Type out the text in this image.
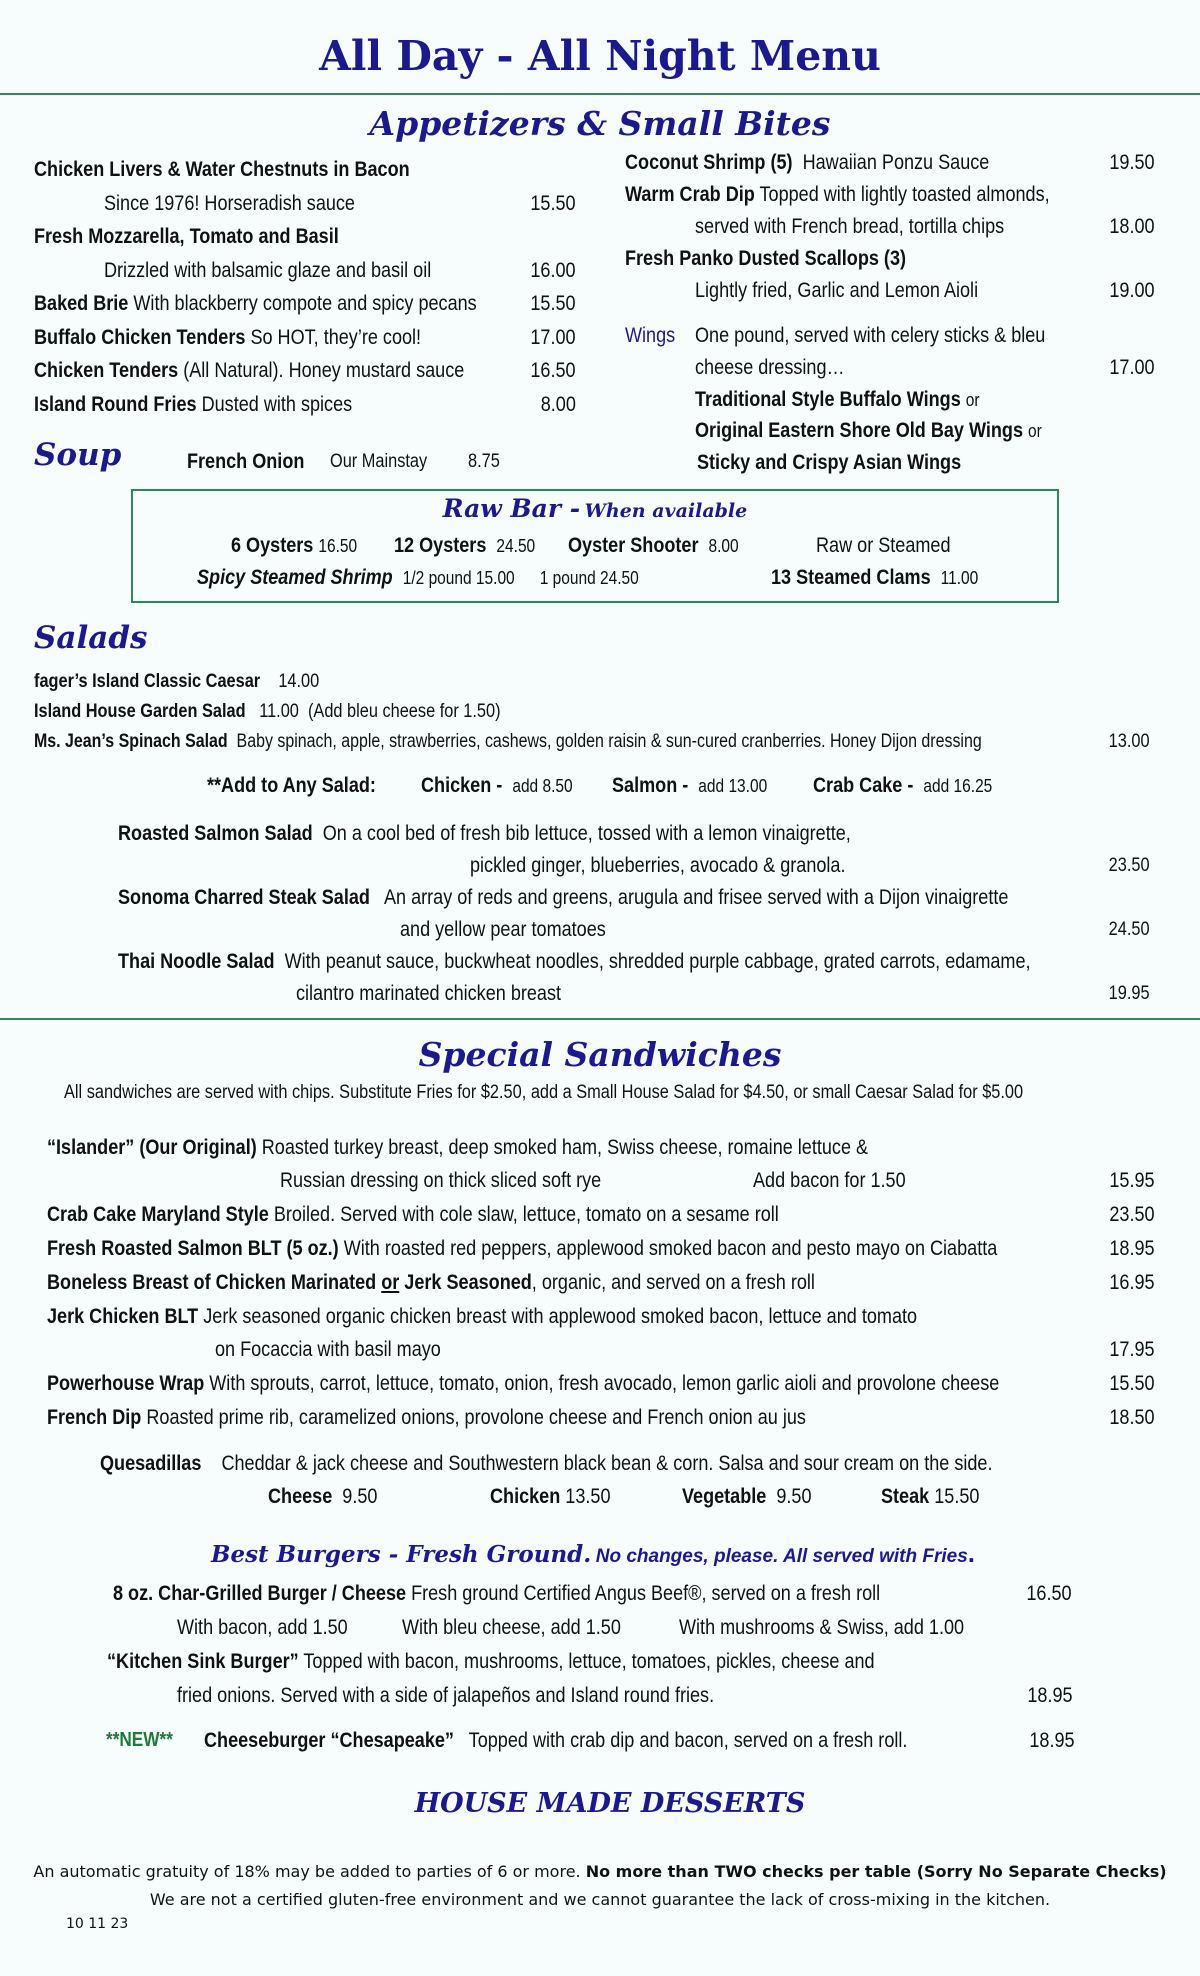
All Day - All Night Menu
Appetizers & Small Bites
Chicken Livers & Water Chestnuts in Bacon
Since 1976! Horseradish sauce	15.50
Fresh Mozzarella, Tomato and Basil
Drizzled with balsamic glaze and basil oil	16.00
Baked Brie With blackberry compote and spicy pecans	15.50
Buffalo Chicken Tenders So HOT, they’re cool!	17.00
Chicken Tenders (All Natural). Honey mustard sauce	16.50
Island Round Fries Dusted with spices	8.00
Coconut Shrimp (5) Hawaiian Ponzu Sauce	19.50
Warm Crab Dip Topped with lightly toasted almonds,
served with French bread, tortilla chips	18.00
Fresh Panko Dusted Scallops (3)
Lightly fried, Garlic and Lemon Aioli	19.00
Wings One pound, served with celery sticks & bleu
cheese dressing…	17.00
Traditional Style Buffalo Wings or
Original Eastern Shore Old Bay Wings or
Sticky and Crispy Asian Wings
Soup	French Onion Our Mainstay 8.75
Raw Bar - When available
6 Oysters 16.50 12 Oysters 24.50 Oyster Shooter 8.00	Raw or Steamed
Spicy Steamed Shrimp 1/2 pound 15.00 1 pound 24.50	13 Steamed Clams 11.00
Salads
fager’s Island Classic Caesar 14.00
Island House Garden Salad 11.00 (Add bleu cheese for 1.50)
Ms. Jean’s Spinach Salad Baby spinach, apple, strawberries, cashews, golden raisin & sun-cured cranberries. Honey Dijon dressing	13.00
**Add to Any Salad: Chicken - add 8.50 Salmon - add 13.00 Crab Cake - add 16.25
Roasted Salmon Salad On a cool bed of fresh bib lettuce, tossed with a lemon vinaigrette,
pickled ginger, blueberries, avocado & granola.	23.50
Sonoma Charred Steak Salad An array of reds and greens, arugula and frisee served with a Dijon vinaigrette
and yellow pear tomatoes	24.50
Thai Noodle Salad With peanut sauce, buckwheat noodles, shredded purple cabbage, grated carrots, edamame,
cilantro marinated chicken breast	19.95
Special Sandwiches
All sandwiches are served with chips. Substitute Fries for $2.50, add a Small House Salad for $4.50, or small Caesar Salad for $5.00
“Islander” (Our Original) Roasted turkey breast, deep smoked ham, Swiss cheese, romaine lettuce &
Russian dressing on thick sliced soft rye	Add bacon for 1.50	15.95
Crab Cake Maryland Style Broiled. Served with cole slaw, lettuce, tomato on a sesame roll	23.50
Fresh Roasted Salmon BLT (5 oz.) With roasted red peppers, applewood smoked bacon and pesto mayo on Ciabatta	18.95
Boneless Breast of Chicken Marinated or Jerk Seasoned, organic, and served on a fresh roll	16.95
Jerk Chicken BLT Jerk seasoned organic chicken breast with applewood smoked bacon, lettuce and tomato
on Focaccia with basil mayo	17.95
Powerhouse Wrap With sprouts, carrot, lettuce, tomato, onion, fresh avocado, lemon garlic aioli and provolone cheese	15.50
French Dip Roasted prime rib, caramelized onions, provolone cheese and French onion au jus	18.50
Quesadillas Cheddar & jack cheese and Southwestern black bean & corn. Salsa and sour cream on the side.
Cheese 9.50	Chicken 13.50	Vegetable 9.50	Steak 15.50
Best Burgers - Fresh Ground. No changes, please. All served with Fries.
8 oz. Char-Grilled Burger / Cheese Fresh ground Certified Angus Beef®, served on a fresh roll	16.50
With bacon, add 1.50	With bleu cheese, add 1.50	With mushrooms & Swiss, add 1.00
“Kitchen Sink Burger” Topped with bacon, mushrooms, lettuce, tomatoes, pickles, cheese and
fried onions. Served with a side of jalapeños and Island round fries.	18.95
**NEW** Cheeseburger “Chesapeake” Topped with crab dip and bacon, served on a fresh roll.	18.95
HOUSE MADE DESSERTS
An automatic gratuity of 18% may be added to parties of 6 or more. No more than TWO checks per table (Sorry No Separate Checks)
We are not a certified gluten-free environment and we cannot guarantee the lack of cross-mixing in the kitchen.
10 11 23
